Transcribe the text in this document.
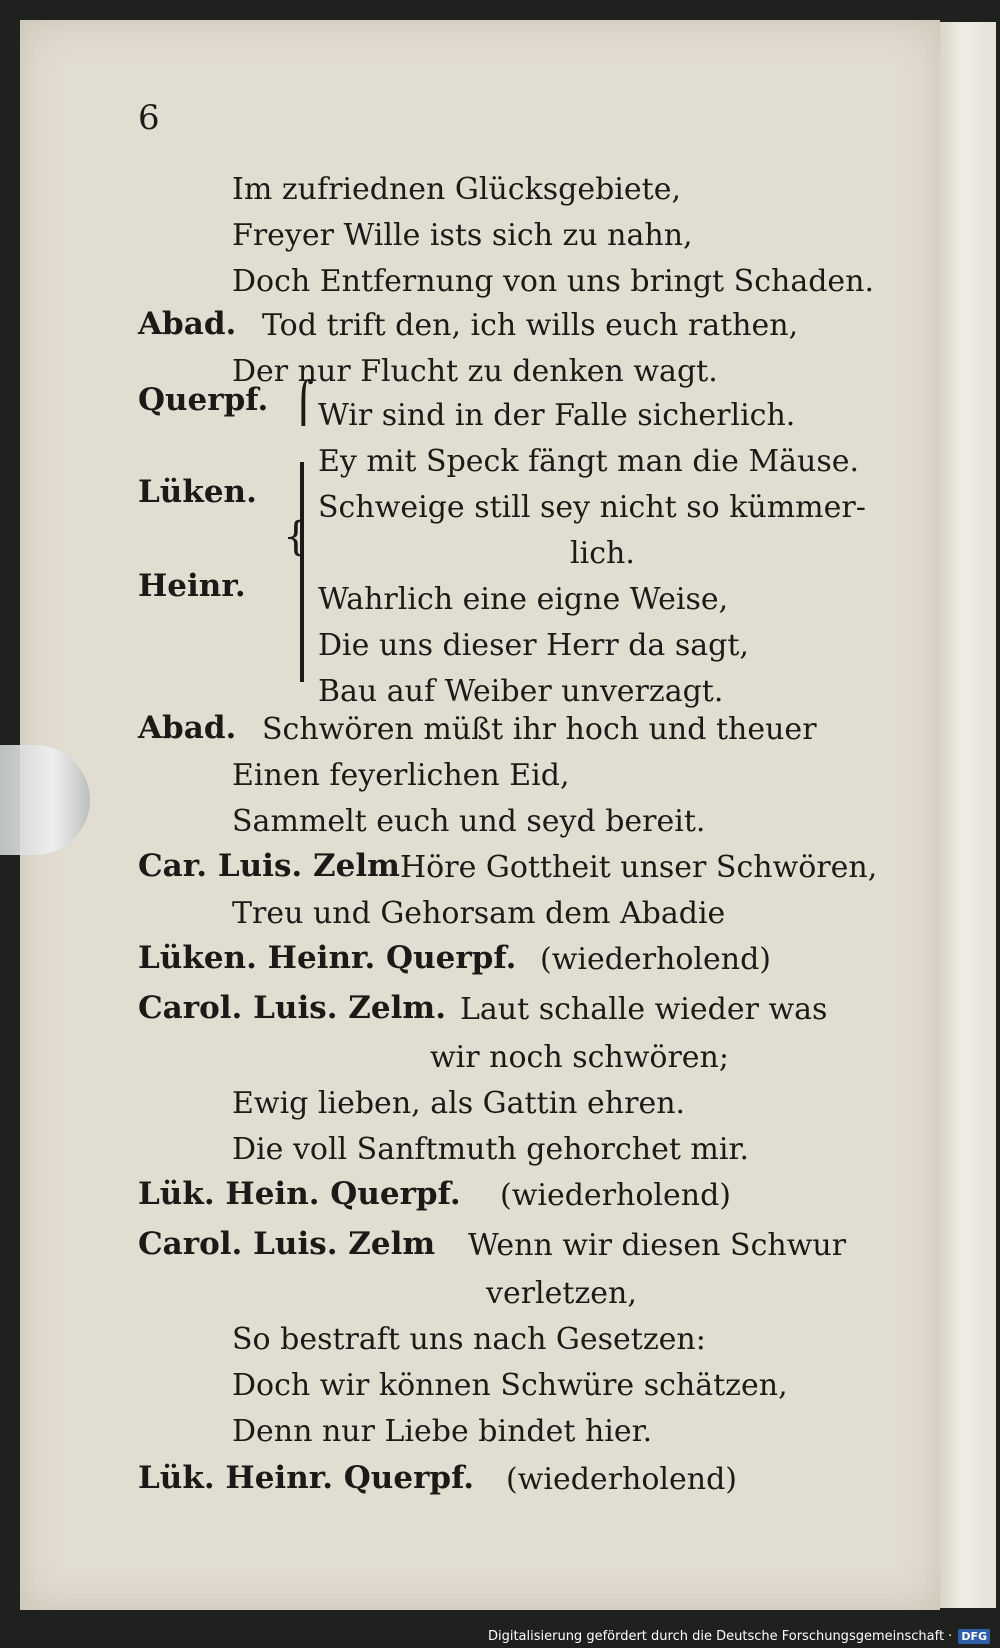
6
Im zufriednen Glücksgebiete,
Freyer Wille ists sich zu nahn,
Doch Entfernung von uns bringt Schaden.
Abad. Tod trift den, ich wills euch rathen,
Der nur Flucht zu denken wagt.
Querpf. Wir sind in der Falle sicherlich.
Ey mit Speck fängt man die Mäuse.
Lüken. Schweige still sey nicht so kümmer-
lich.
Heinr. Wahrlich eine eigne Weise,
Die uns dieser Herr da sagt,
Bau auf Weiber unverzagt.
⌠
{
Abad. Schwören müßt ihr hoch und theuer
Einen feyerlichen Eid,
Sammelt euch und seyd bereit.
Car. Luis. Zelm Höre Gottheit unser Schwören,
Treu und Gehorsam dem Abadie
Lüken. Heinr. Querpf. (wiederholend)
Carol. Luis. Zelm. Laut schalle wieder was
wir noch schwören;
Ewig lieben, als Gattin ehren.
Die voll Sanftmuth gehorchet mir.
Lük. Hein. Querpf. (wiederholend)
Carol. Luis. Zelm Wenn wir diesen Schwur
verletzen,
So bestraft uns nach Gesetzen:
Doch wir können Schwüre schätzen,
Denn nur Liebe bindet hier.
Lük. Heinr. Querpf. (wiederholend)
Digitalisierung gefördert durch die Deutsche Forschungsgemeinschaft · DFG
